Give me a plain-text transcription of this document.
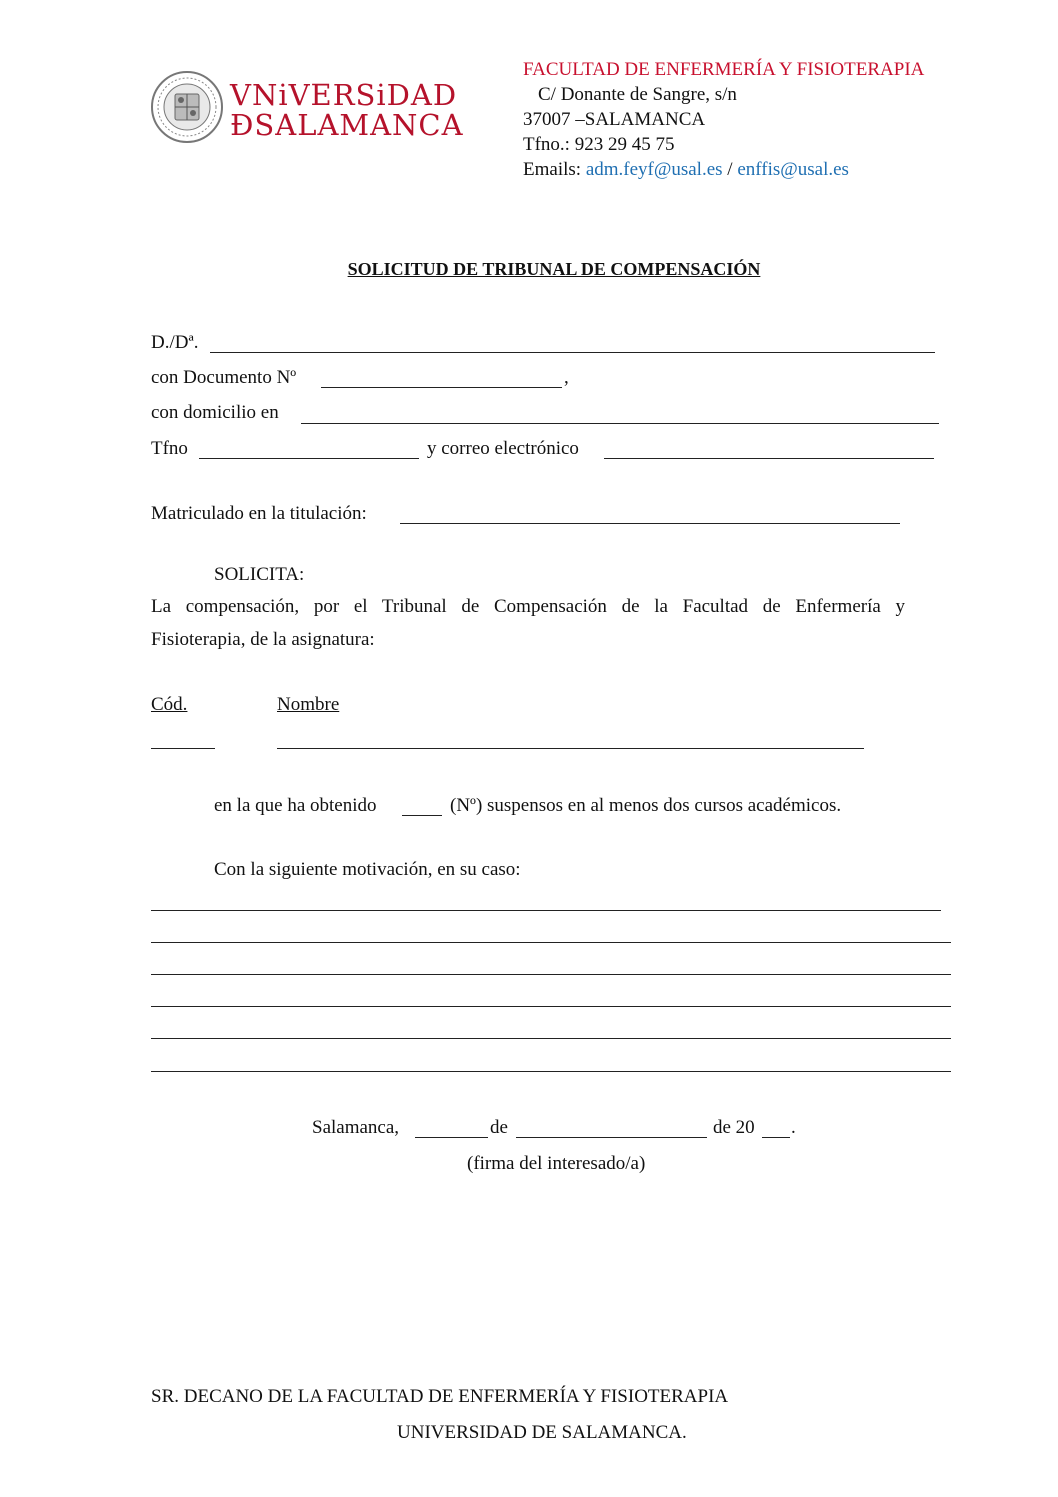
VNiVERSiDAD
ÐSALAMANCA
FACULTAD DE ENFERMERÍA Y FISIOTERAPIA
C/ Donante de Sangre, s/n
37007 –SALAMANCA
Tfno.: 923 29 45 75
Emails: adm.feyf@usal.es / enffis@usal.es
SOLICITUD DE TRIBUNAL DE COMPENSACIÓN
D./Dª.
con Documento Nº	,
con domicilio en
Tfno	y correo electrónico
Matriculado en la titulación:
SOLICITA:
La compensación, por el Tribunal de Compensación de la Facultad de Enfermería y
Fisioterapia, de la asignatura:
Cód.	Nombre
en la que ha obtenido	(Nº) suspensos en al menos dos cursos académicos.
Con la siguiente motivación, en su caso:
Salamanca,	de	de 20 .
(firma del interesado/a)
SR. DECANO DE LA FACULTAD DE ENFERMERÍA Y FISIOTERAPIA
UNIVERSIDAD DE SALAMANCA.
